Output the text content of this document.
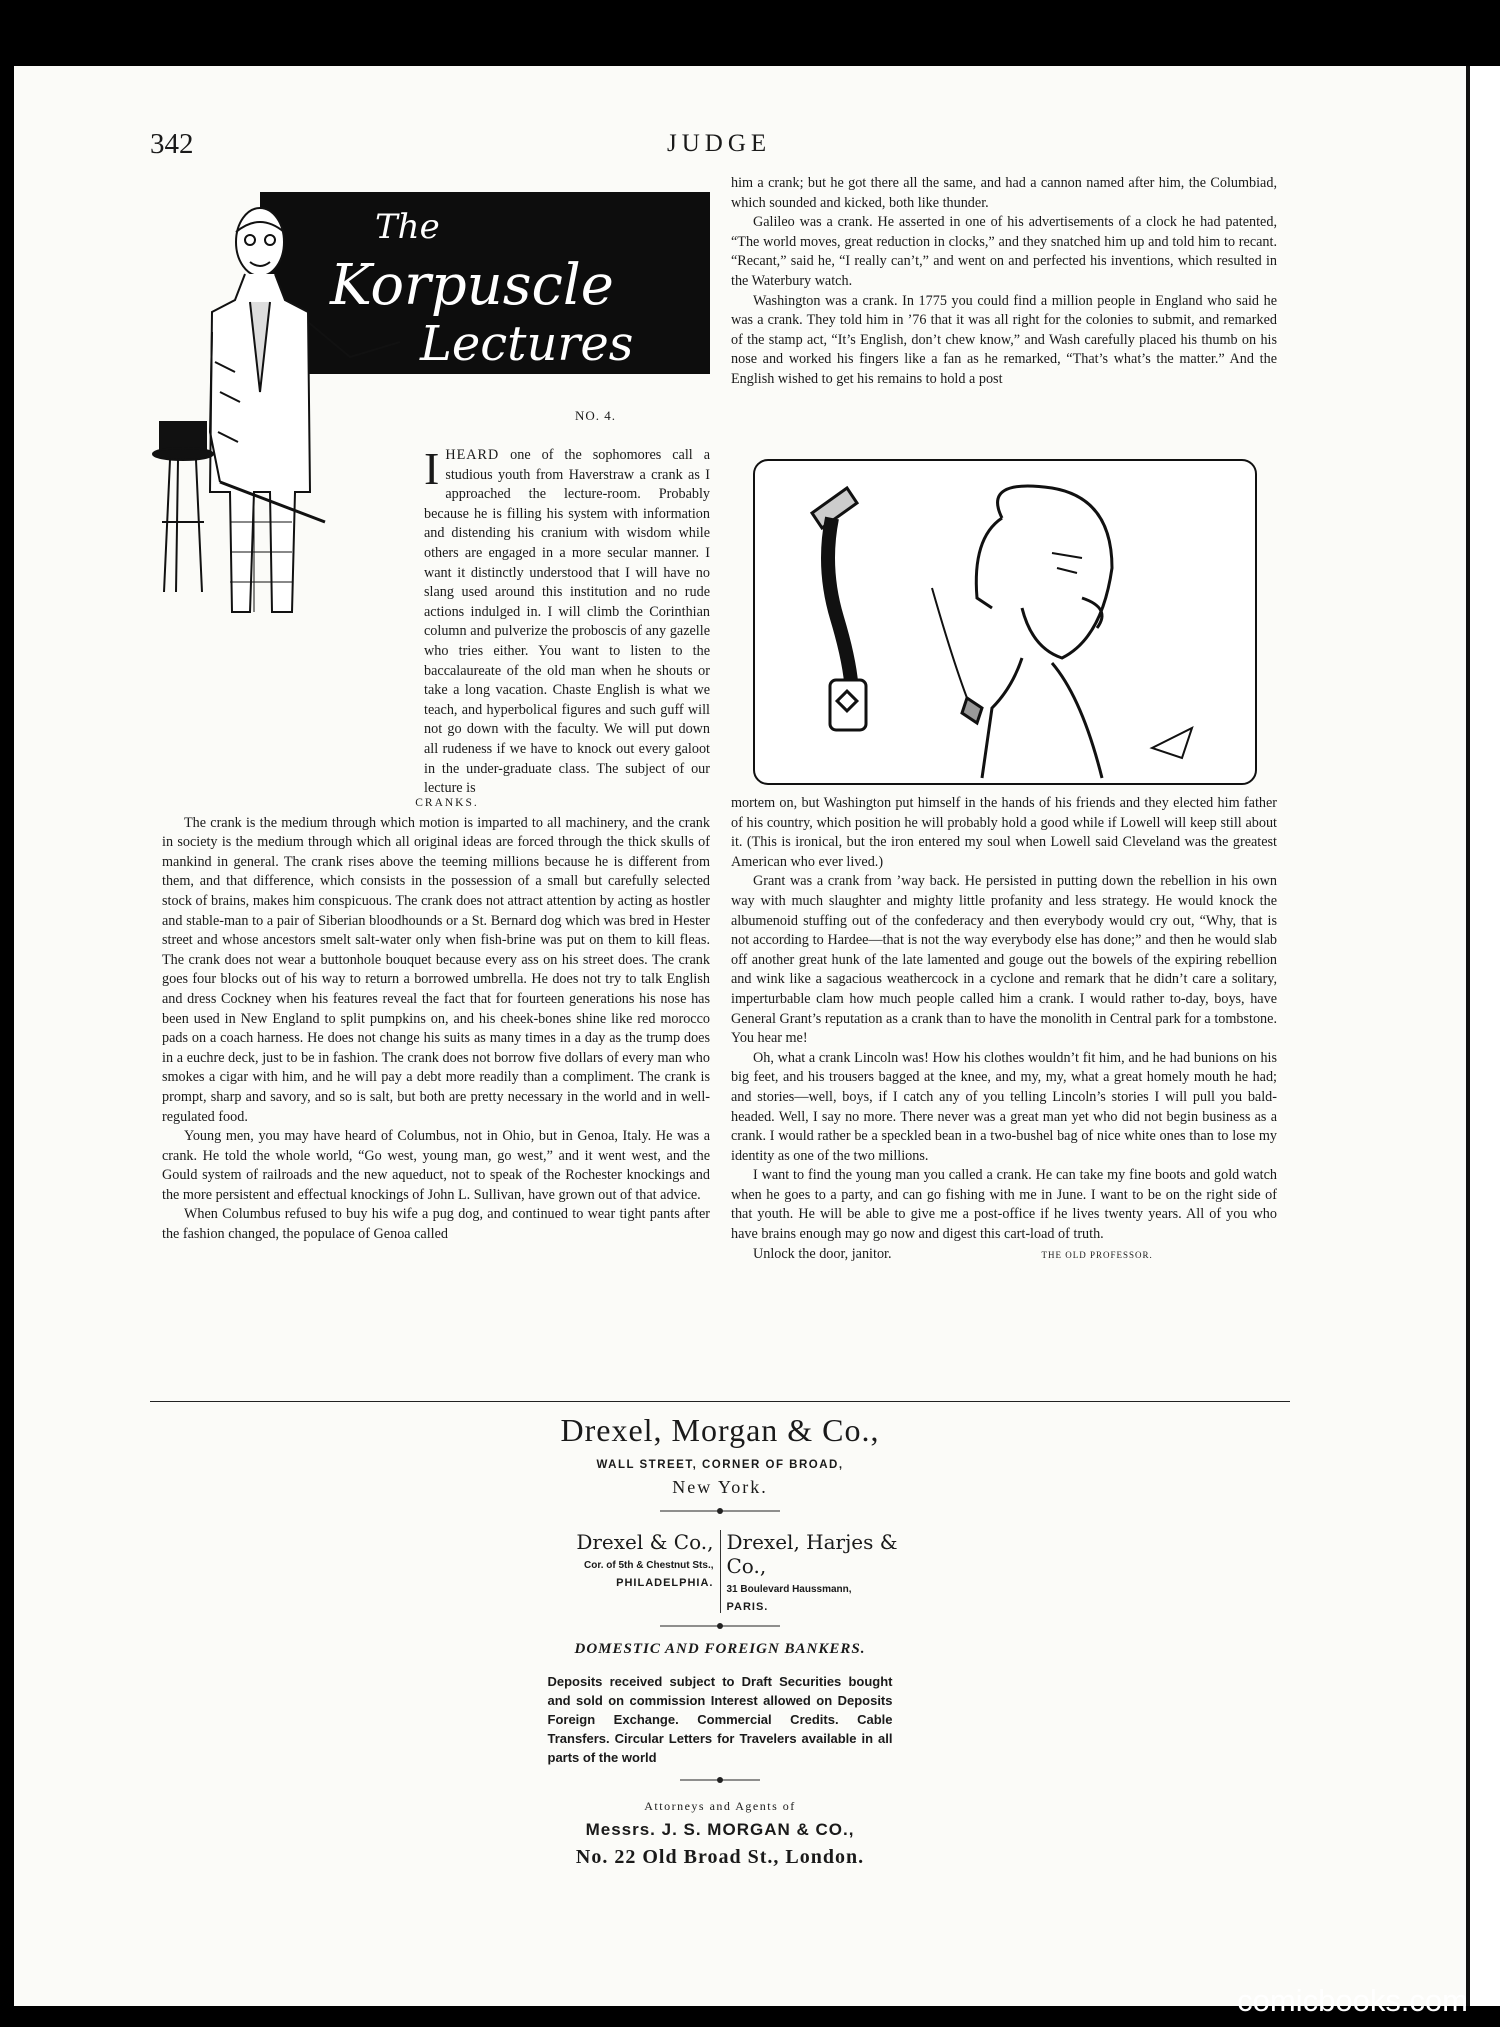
342	JUDGE
The
Korpuscle
Lectures
NO. 4.

IHEARD one of the sophomores call a studious youth from Haverstraw a crank as I approached the lecture-room. Probably because he is filling his system with information and distending his cranium with wisdom while others are engaged in a more secular manner. I want it distinctly understood that I will have no slang used around this institution and no rude actions indulged in. I will climb the Corinthian column and pulverize the proboscis of any gazelle who tries either. You want to listen to the baccalaureate of the old man when he shouts or take a long vacation. Chaste English is what we teach, and hyperbolical figures and such guff will not go down with the faculty. We will put down all rudeness if we have to knock out every galoot in the under-graduate class. The subject of our lecture is

CRANKS.

The crank is the medium through which motion is imparted to all machinery, and the crank in society is the medium through which all original ideas are forced through the thick skulls of mankind in general. The crank rises above the teeming millions because he is different from them, and that difference, which consists in the possession of a small but carefully selected stock of brains, makes him conspicuous. The crank does not attract attention by acting as hostler and stable-man to a pair of Siberian bloodhounds or a St. Bernard dog which was bred in Hester street and whose ancestors smelt salt-water only when fish-brine was put on them to kill fleas. The crank does not wear a buttonhole bouquet because every ass on his street does. The crank goes four blocks out of his way to return a borrowed umbrella. He does not try to talk English and dress Cockney when his features reveal the fact that for fourteen generations his nose has been used in New England to split pumpkins on, and his cheek-bones shine like red morocco pads on a coach harness. He does not change his suits as many times in a day as the trump does in a euchre deck, just to be in fashion. The crank does not borrow five dollars of every man who smokes a cigar with him, and he will pay a debt more readily than a compliment. The crank is prompt, sharp and savory, and so is salt, but both are pretty necessary in the world and in well-regulated food.

Young men, you may have heard of Columbus, not in Ohio, but in Genoa, Italy. He was a crank. He told the whole world, “Go west, young man, go west,” and it went west, and the Gould system of railroads and the new aqueduct, not to speak of the Rochester knockings and the more persistent and effectual knockings of John L. Sullivan, have grown out of that advice.

When Columbus refused to buy his wife a pug dog, and continued to wear tight pants after the fashion changed, the populace of Genoa called

him a crank; but he got there all the same, and had a cannon named after him, the Columbiad, which sounded and kicked, both like thunder.

Galileo was a crank. He asserted in one of his advertisements of a clock he had patented, “The world moves, great reduction in clocks,” and they snatched him up and told him to recant. “Recant,” said he, “I really can’t,” and went on and perfected his inventions, which resulted in the Waterbury watch.

Washington was a crank. In 1775 you could find a million people in England who said he was a crank. They told him in ’76 that it was all right for the colonies to submit, and remarked of the stamp act, “It’s English, don’t chew know,” and Wash carefully placed his thumb on his nose and worked his fingers like a fan as he remarked, “That’s what’s the matter.” And the English wished to get his remains to hold a post

mortem on, but Washington put himself in the hands of his friends and they elected him father of his country, which position he will probably hold a good while if Lowell will keep still about it. (This is ironical, but the iron entered my soul when Lowell said Cleveland was the greatest American who ever lived.)

Grant was a crank from ’way back. He persisted in putting down the rebellion in his own way with much slaughter and mighty little profanity and less strategy. He would knock the albumenoid stuffing out of the confederacy and then everybody would cry out, “Why, that is not according to Hardee—that is not the way everybody else has done;” and then he would slab off another great hunk of the late lamented and gouge out the bowels of the expiring rebellion and wink like a sagacious weathercock in a cyclone and remark that he didn’t care a solitary, imperturbable clam how much people called him a crank. I would rather to-day, boys, have General Grant’s reputation as a crank than to have the monolith in Central park for a tombstone. You hear me!

Oh, what a crank Lincoln was! How his clothes wouldn’t fit him, and he had bunions on his big feet, and his trousers bagged at the knee, and my, my, what a great homely mouth he had; and stories—well, boys, if I catch any of you telling Lincoln’s stories I will pull you bald-headed. Well, I say no more. There never was a great man yet who did not begin business as a crank. I would rather be a speckled bean in a two-bushel bag of nice white ones than to lose my identity as one of the two millions.

I want to find the young man you called a crank. He can take my fine boots and gold watch when he goes to a party, and can go fishing with me in June. I want to be on the right side of that youth. He will be able to give me a post-office if he lives twenty years. All of you who have brains enough may go now and digest this cart-load of truth.

Unlock the door, janitor.	THE OLD PROFESSOR.

Drexel, Morgan & Co.,
WALL STREET, CORNER OF BROAD,
New York.
Drexel & Co.,
Cor. of 5th & Chestnut Sts.,
PHILADELPHIA.
Drexel, Harjes & Co.,
31 Boulevard Haussmann,
PARIS.
DOMESTIC AND FOREIGN BANKERS.
Deposits received subject to Draft Securities bought and sold on commission Interest allowed on Deposits Foreign Exchange. Commercial Credits. Cable Transfers. Circular Letters for Travelers available in all parts of the world
Attorneys and Agents of
Messrs. J. S. MORGAN & CO.,
No. 22 Old Broad St., London.
comicbooks.com
